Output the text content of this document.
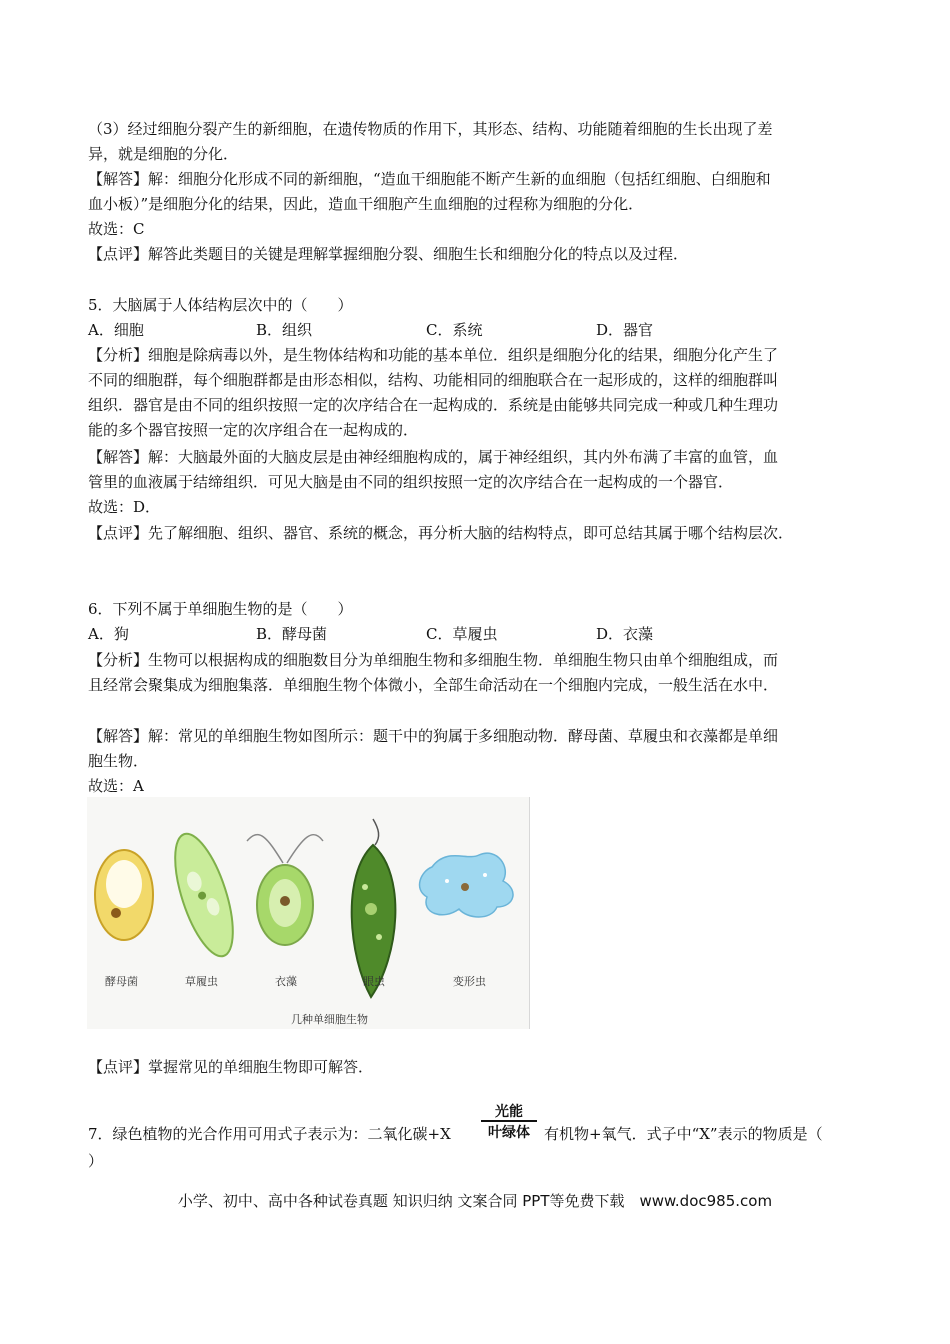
（3）经过细胞分裂产生的新细胞，在遗传物质的作用下，其形态、结构、功能随着细胞的生长出现了差
异，就是细胞的分化．
【解答】解：细胞分化形成不同的新细胞，“造血干细胞能不断产生新的血细胞（包括红细胞、白细胞和
血小板）”是细胞分化的结果，因此，造血干细胞产生血细胞的过程称为细胞的分化．
故选：C
【点评】解答此类题目的关键是理解掌握细胞分裂、细胞生长和细胞分化的特点以及过程．
5．大脑属于人体结构层次中的（　　）
A．细胞	B．组织	C．系统	D．器官
【分析】细胞是除病毒以外，是生物体结构和功能的基本单位．组织是细胞分化的结果，细胞分化产生了
不同的细胞群，每个细胞群都是由形态相似，结构、功能相同的细胞联合在一起形成的，这样的细胞群叫
组织．器官是由不同的组织按照一定的次序结合在一起构成的．系统是由能够共同完成一种或几种生理功
能的多个器官按照一定的次序组合在一起构成的．
【解答】解：大脑最外面的大脑皮层是由神经细胞构成的，属于神经组织，其内外布满了丰富的血管，血
管里的血液属于结缔组织．可见大脑是由不同的组织按照一定的次序结合在一起构成的一个器官．
故选：D．
【点评】先了解细胞、组织、器官、系统的概念，再分析大脑的结构特点，即可总结其属于哪个结构层次．
6．下列不属于单细胞生物的是（　　）
A．狗	B．酵母菌	C．草履虫	D．衣藻
【分析】生物可以根据构成的细胞数目分为单细胞生物和多细胞生物．单细胞生物只由单个细胞组成，而
且经常会聚集成为细胞集落．单细胞生物个体微小，全部生命活动在一个细胞内完成，一般生活在水中．
【解答】解：常见的单细胞生物如图所示：题干中的狗属于多细胞动物．酵母菌、草履虫和衣藻都是单细
胞生物．
故选：A
酵母菌	草履虫	衣藻	眼虫	变形虫
几种单细胞生物
【点评】掌握常见的单细胞生物即可解答．
7．绿色植物的光合作用可用式子表示为：二氧化碳+X
光能
叶绿体 有机物+氧气．式子中“X”表示的物质是（
）
小学、初中、高中各种试卷真题 知识归纳 文案合同 PPT等免费下载　www.doc985.com
